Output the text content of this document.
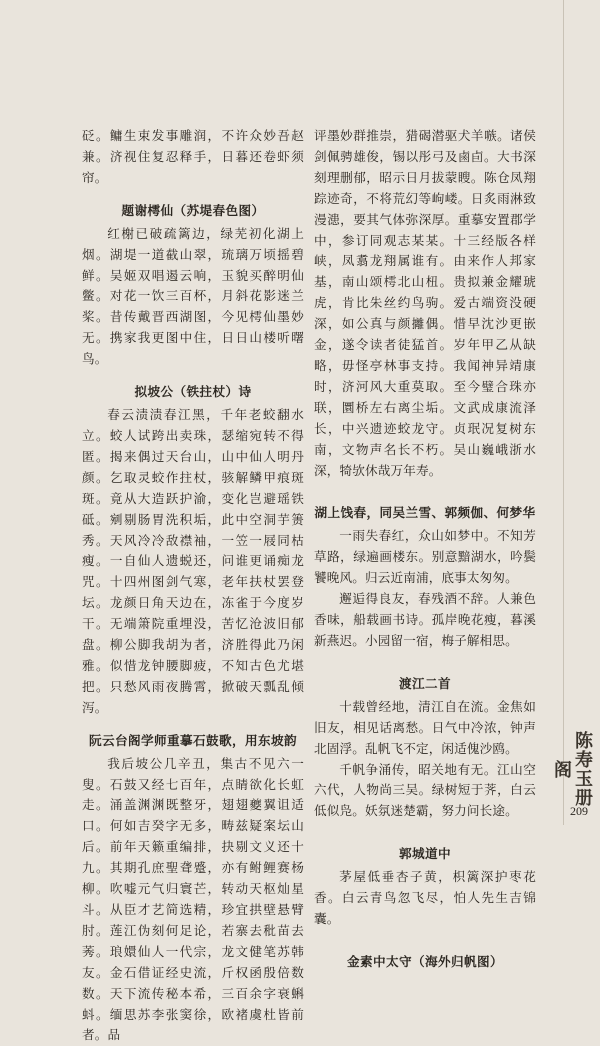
砭。鳙生束发事雕润，不许众妙吾赵兼。济视住复忍释手，日暮还卷虾须帘。

题谢樗仙（苏堤春色图）

红榭已破疏篱边，绿芜初化湖上烟。湖堤一道截山翠，琉璃万顷摇碧鲜。吴姬双唱遏云响，玉貌买醉明仙鳖。对花一饮三百杯，月斜花影迷兰桨。昔传戴晋西湖图，今见樗仙墨妙无。携家我更图中住，日日山楼听曙鸟。

拟坡公（铁拄杖）诗

春云渍渍春江黑，千年老蛟翻水立。蛟人试跨出卖珠，瑟缩宛转不得匿。揭来偶过天台山，山中仙人明丹颜。乞取灵蛟作拄杖，骇解鳞甲痕斑斑。竟从大造跃护渝，变化岂避瑶铁砥。剜剔肠胃洗积垢，此中空洞芋箦秀。天风冷冷敌襟袖，一笠一屐同枯瘦。一自仙人遗蜕还，问谁更诵痴龙咒。十四州图剑气寒，老年扶杖罢登坛。龙颜日角天边在，冻雀于今度岁干。无端箫院重埋没，苦忆沧波旧郁盘。柳公脚我胡为者，济胜得此乃闲雅。似惜龙钟腰脚疲，不知古色尤堪把。只愁风雨夜腾霄，掀破天瓢乱倾泻。

阮云台阁学师重摹石鼓歌，用东坡韵

我后坡公几辛丑，集古不见六一叟。石鼓又经七百年，点睛欲化长虹走。涌盖渊渊既整牙，翅翅夔翼诅适口。何如吉癸字无多，畴兹疑案坛山后。前年天籁重编排，抉剔文义还十九。其期孔庶聖聋蹙，亦有鲋鲤赛杨柳。吹嘘元气归寰芒，转动天枢灿星斗。从臣才艺简选精，珍宜拱壁悬臂肘。莲江伪刻何足论，若寨去秕苗去莠。琅嬛仙人一代宗，龙文健笔苏韩友。金石借证经史流，斤权函殷倍数数。天下流传秘本希，三百余字衰蝌蚪。缅思苏李张窦徐，欧褚虞杜皆前者。品

评墨妙群推崇，猎碣潜驱犬羊嗾。诸侯剑佩骋雄俊，锡以彤弓及鹵卣。大书深刻理删郁，昭示日月拔蒙瞍。陈仓凤翔踪迹奇，不将荒幻等岣嵝。日炙雨淋致漫漶，要其气体弥深厚。重摹安置郡学中，参订同观志某某。十三经版各样峡，凤翥龙翔属谁有。由来作人邦家基，南山颂樗北山杻。贵拟兼金耀琥虎，肯比朱丝约鸟驹。爱古端资没硬深，如公真与颜攡偶。惜早沈沙更嵌金，遂令读者徒猛首。岁年甲乙从缺略，毋怪亭林事支持。我闻神异靖康时，济河风大重莫取。至今璧合珠亦联，圜桥左右离尘垢。文武成康流泽长，中兴遗迹蛟龙守。贞珉况复树东南，文物声名长不朽。吴山巍峨浙水深，犄欤休哉万年寿。

湖上饯春，同吴兰雪、郭频伽、何梦华

一雨失春红，众山如梦中。不知芳草路，绿遍画楼东。别意黯湖水，吟鬓饕晚风。归云近南浦，底事太匆匆。

邂逅得良友，春残酒不辞。人兼色香味，船载画书诗。孤岸晚花瘦，暮溪新燕迟。小园留一宿，梅子解相思。

渡江二首

十载曾经地，清江自在流。金焦如旧友，相见话离愁。日气中冷浓，钟声北固浮。乱帆飞不定，闲适傀沙鸥。

千帆争涌传，昭关地有无。江山空六代，人物尚三吴。绿树短于荠，白云低似凫。妖氛迷楚霸，努力问长途。

郭城道中

茅屋低垂杏子黄，枳篱深护枣花香。白云青鸟忽飞尽，怕人先生吉锦囊。

金素中太守（海外归帆图）
陈寿玉册阁
209
